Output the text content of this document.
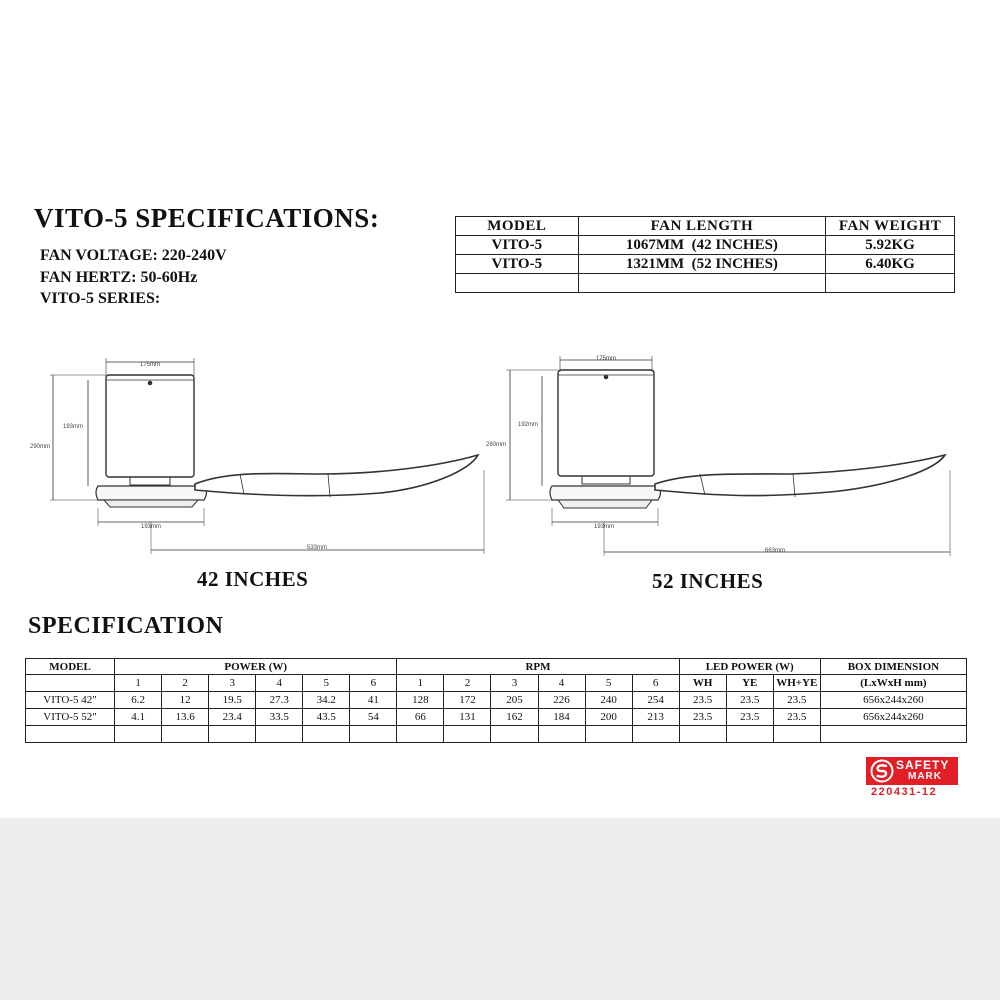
VITO-5 SPECIFICATIONS:
FAN VOLTAGE: 220-240V
FAN HERTZ: 50-60Hz
VITO-5 SERIES:
MODEL	FAN LENGTH	FAN WEIGHT
VITO-5	1067MM  (42 INCHES)	5.92KG
VITO-5	1321MM  (52 INCHES)	6.40KG

175mm
193mm
290mm
193mm
533mm
175mm
192mm
280mm
193mm
663mm
42 INCHES	52 INCHES
SPECIFICATION
MODEL	POWER (W)						RPM						LED POWER (W)			BOX DIMENSION
	1	2	3	4	5	6	1	2	3	4	5	6	WH	YE	WH+YE	(LxWxH mm)
VITO-5 42"	6.2	12	19.5	27.3	34.2	41	128	172	205	226	240	254	23.5	23.5	23.5	656x244x260
VITO-5 52"	4.1	13.6	23.4	33.5	43.5	54	66	131	162	184	200	213	23.5	23.5	23.5	656x244x260

SAFETY
MARK
220431-12
